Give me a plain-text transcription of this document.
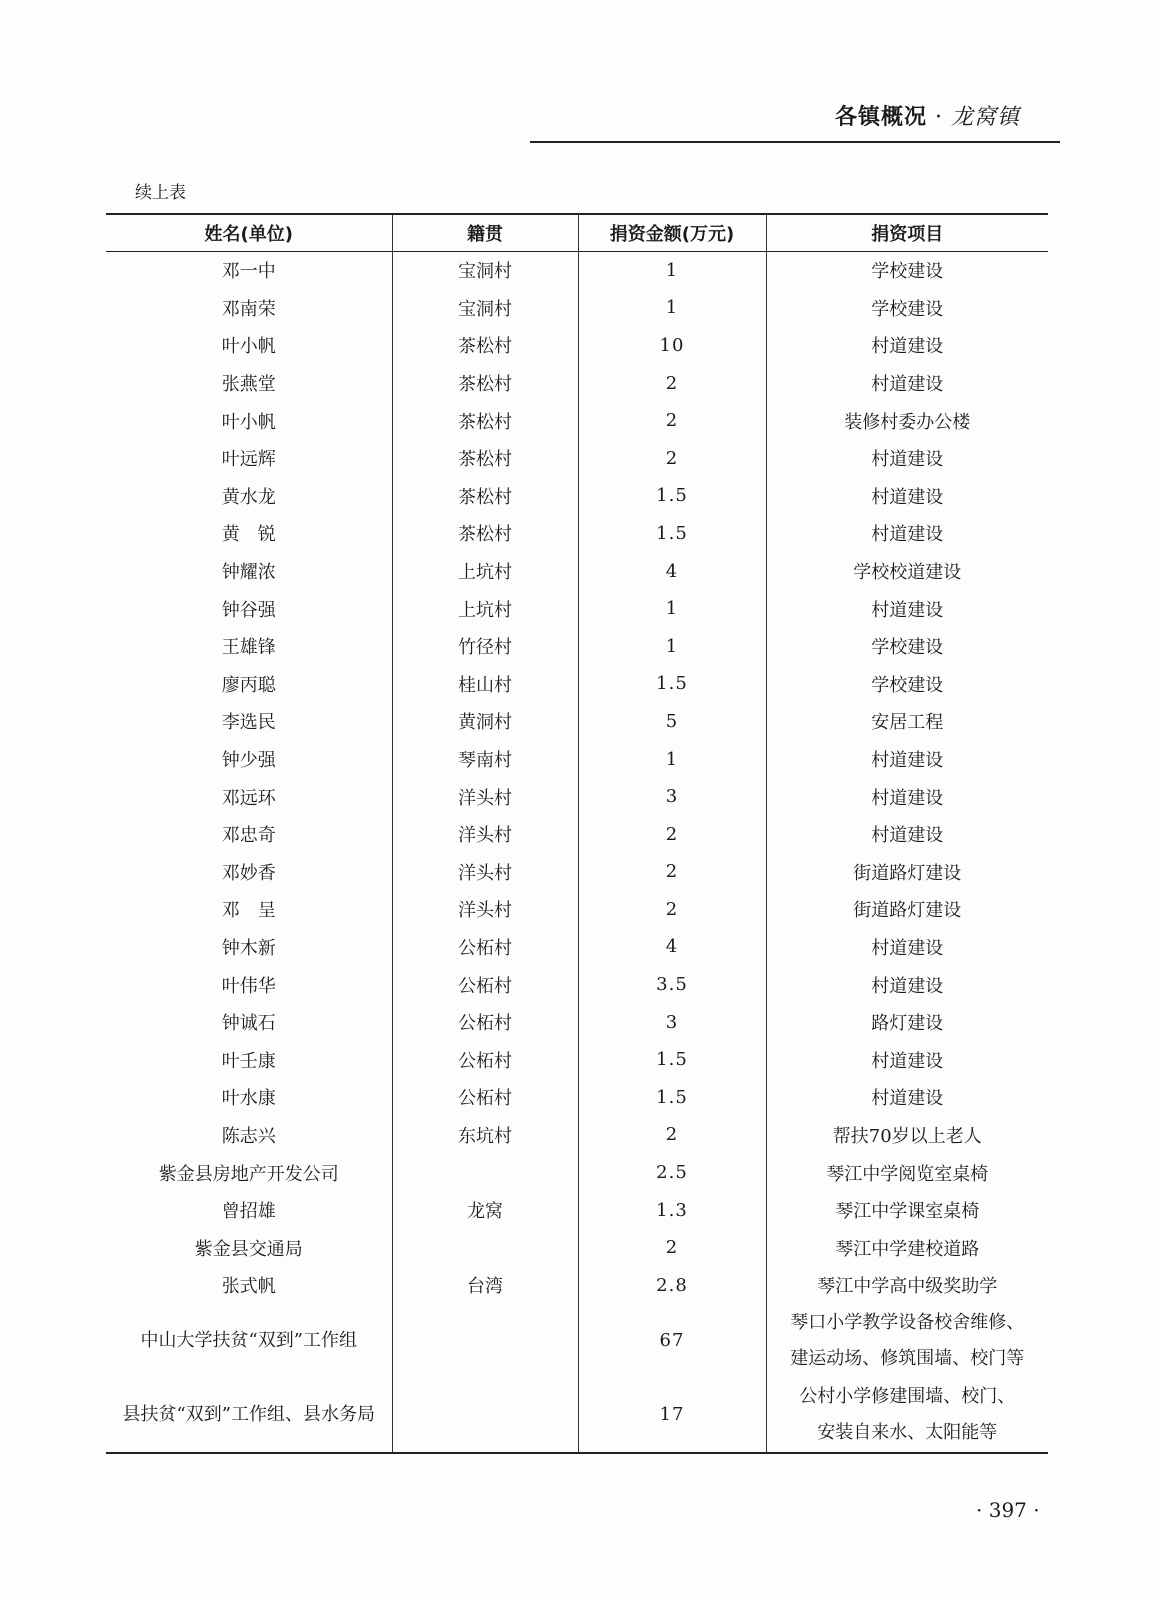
各镇概况 · 龙窝镇
续上表
姓名(单位)	籍贯	捐资金额(万元)	捐资项目
邓一中	宝洞村	1	学校建设
邓南荣	宝洞村	1	学校建设
叶小帆	茶松村	10	村道建设
张燕堂	茶松村	2	村道建设
叶小帆	茶松村	2	装修村委办公楼
叶远辉	茶松村	2	村道建设
黄水龙	茶松村	1.5	村道建设
黄　锐	茶松村	1.5	村道建设
钟耀浓	上坑村	4	学校校道建设
钟谷强	上坑村	1	村道建设
王雄锋	竹径村	1	学校建设
廖丙聪	桂山村	1.5	学校建设
李选民	黄洞村	5	安居工程
钟少强	琴南村	1	村道建设
邓远环	洋头村	3	村道建设
邓忠奇	洋头村	2	村道建设
邓妙香	洋头村	2	街道路灯建设
邓　呈	洋头村	2	街道路灯建设
钟木新	公柘村	4	村道建设
叶伟华	公柘村	3.5	村道建设
钟诚石	公柘村	3	路灯建设
叶壬康	公柘村	1.5	村道建设
叶水康	公柘村	1.5	村道建设
陈志兴	东坑村	2	帮扶70岁以上老人
紫金县房地产开发公司		2.5	琴江中学阅览室桌椅
曾招雄	龙窝	1.3	琴江中学课室桌椅
紫金县交通局		2	琴江中学建校道路
张式帆	台湾	2.8	琴江中学高中级奖助学
中山大学扶贫“双到”工作组		67	琴口小学教学设备校舍维修、
建运动场、修筑围墙、校门等

县扶贫“双到”工作组、县水务局		17	公村小学修建围墙、校门、
安装自来水、太阳能等
· 397 ·
